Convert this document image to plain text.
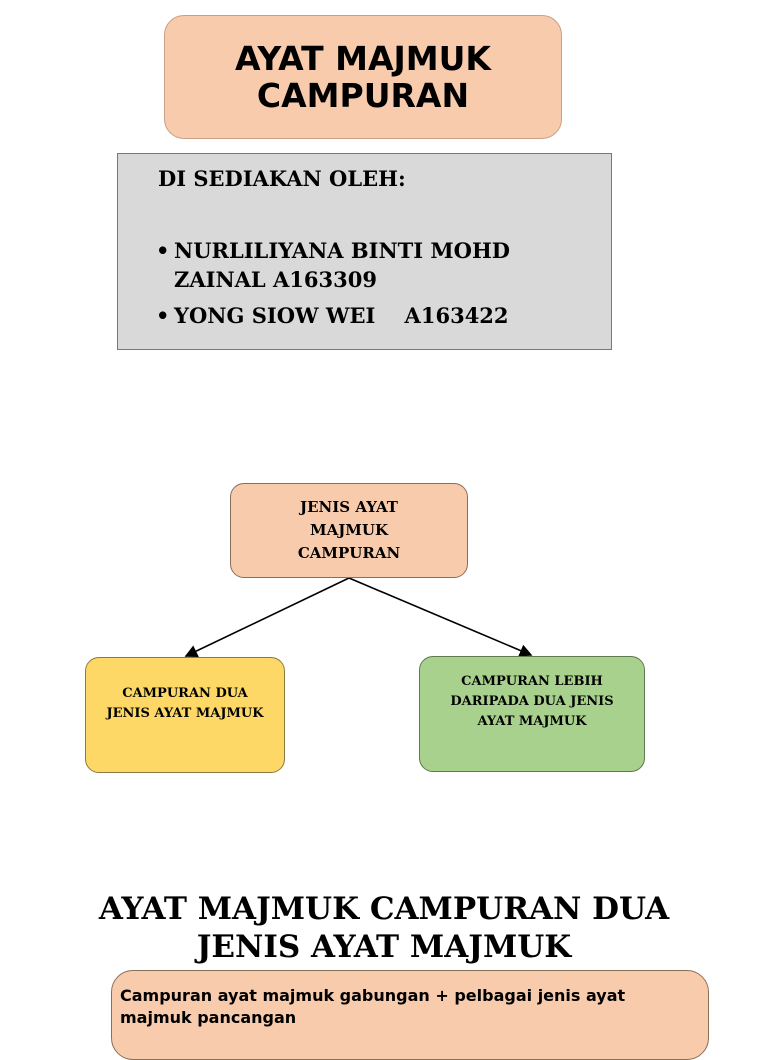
AYAT MAJMUK
CAMPURAN

DI SEDIAKAN OLEH:

• NURLILIYANA BINTI MOHD ZAINAL A163309
• YONG SIOW WEI    A163422
JENIS AYAT MAJMUK CAMPURAN
CAMPURAN DUA JENIS AYAT MAJMUK
CAMPURAN LEBIH DARIPADA DUA JENIS AYAT MAJMUK
AYAT MAJMUK CAMPURAN DUA
JENIS AYAT MAJMUK
Campuran ayat majmuk gabungan + pelbagai jenis ayat majmuk pancangan
